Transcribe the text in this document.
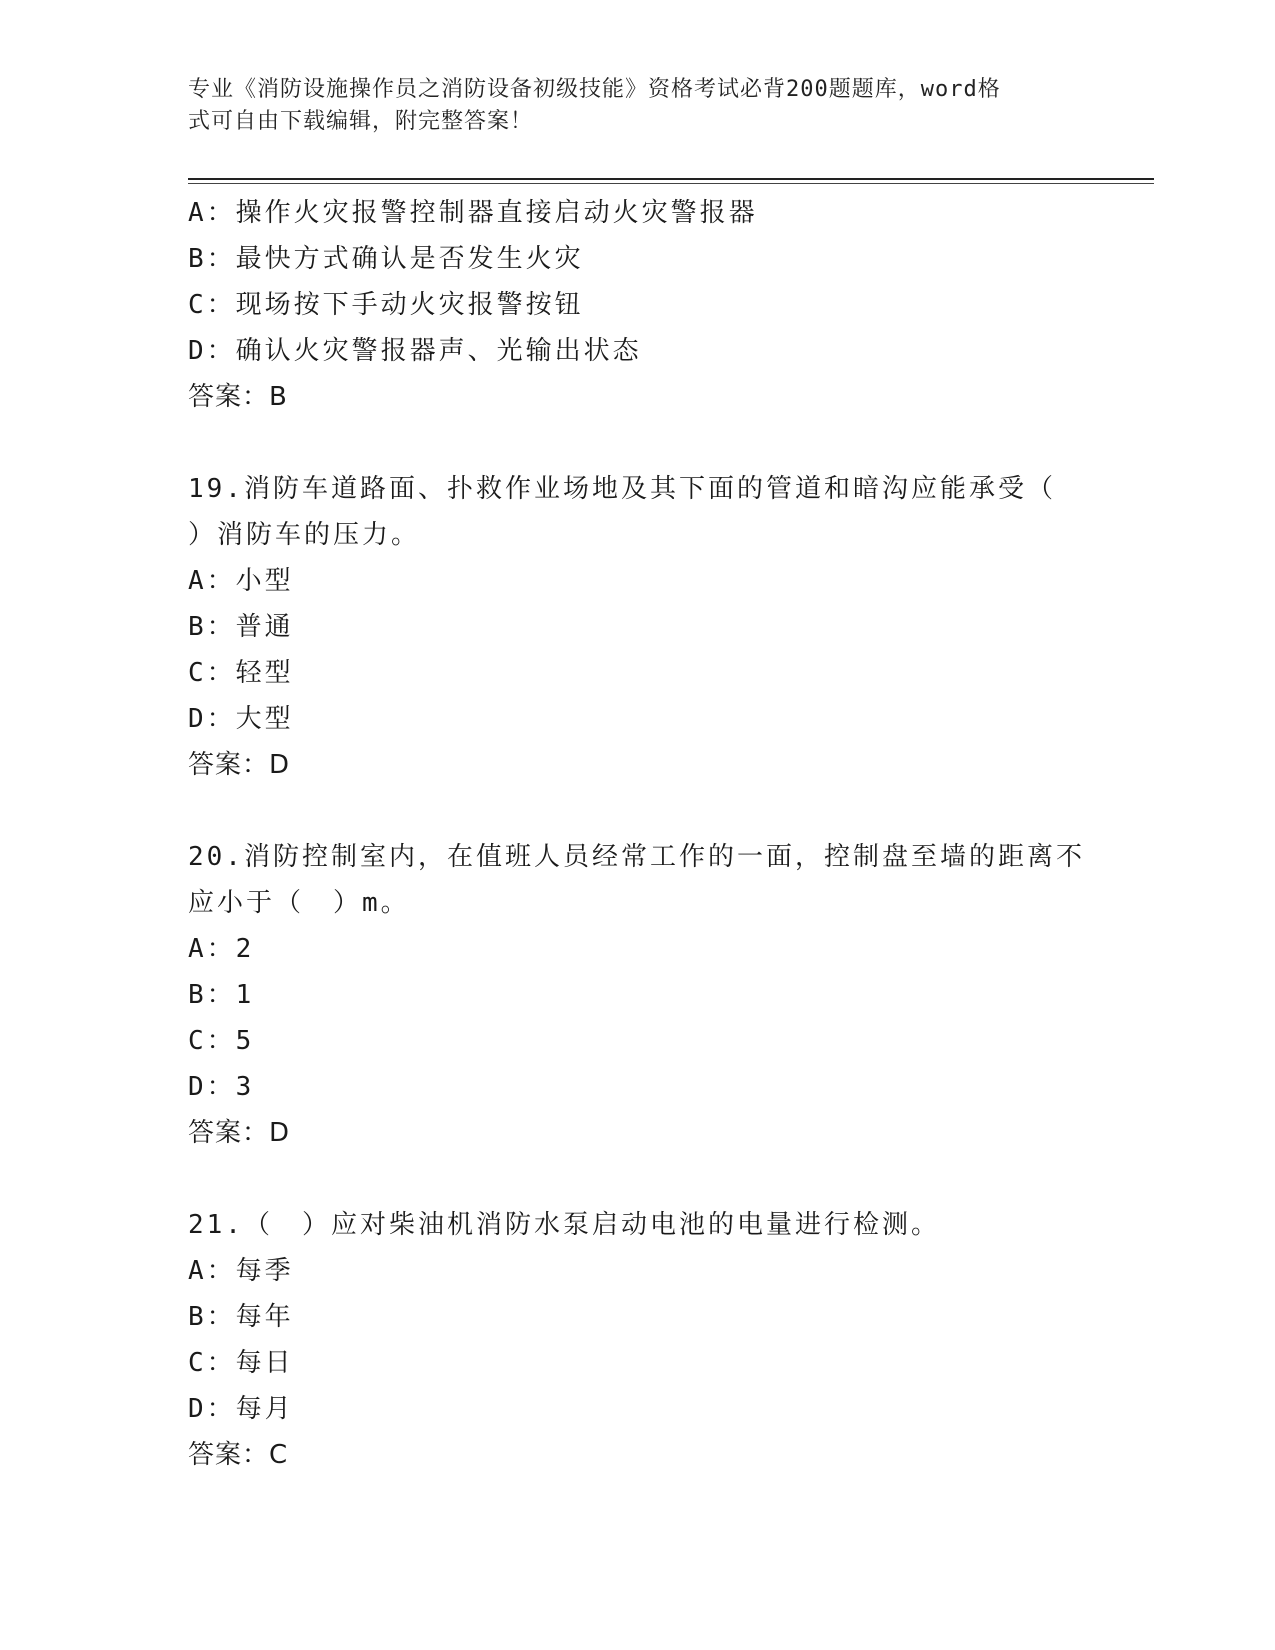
专业《消防设施操作员之消防设备初级技能》资格考试必背200题题库，word格
式可自由下载编辑，附完整答案！
A：操作火灾报警控制器直接启动火灾警报器
B：最快方式确认是否发生火灾
C：现场按下手动火灾报警按钮
D：确认火灾警报器声、光输出状态
答案：B
19.消防车道路面、扑救作业场地及其下面的管道和暗沟应能承受（
）消防车的压力。
A：小型
B：普通
C：轻型
D：大型
答案：D
20.消防控制室内，在值班人员经常工作的一面，控制盘至墙的距离不
应小于（　）m。
A：2
B：1
C：5
D：3
答案：D
21.（　）应对柴油机消防水泵启动电池的电量进行检测。
A：每季
B：每年
C：每日
D：每月
答案：C
